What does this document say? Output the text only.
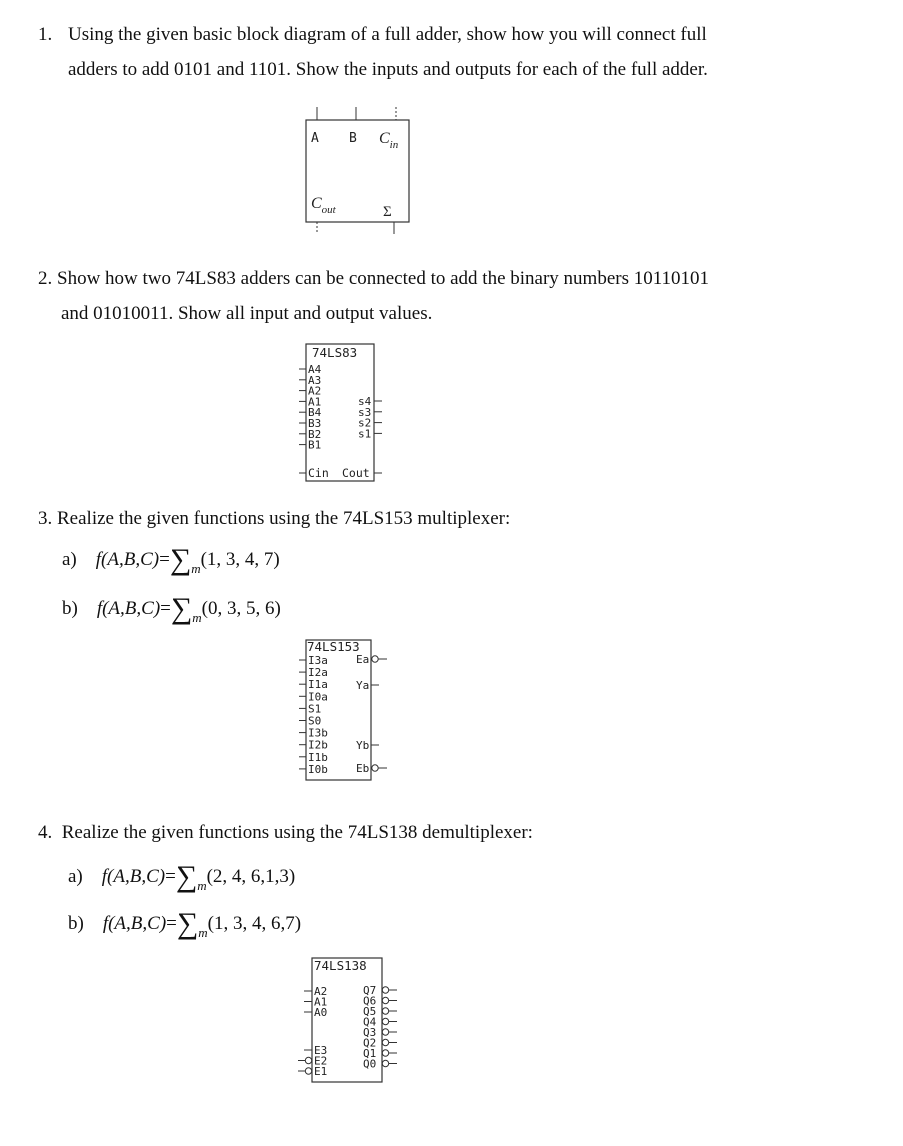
1. Using the given basic block diagram of a full adder, show how you will connect full
adders to add 0101 and 1101. Show the inputs and outputs for each of the full adder.
A B $C_{in}$
$C_{out}$	Σ
2. Show how two 74LS83 adders can be connected to add the binary numbers 10110101
and 01010011. Show all input and output values.
74LS83
A4
A3
A2
A1
B4
B3
B2
B1
s4
s3
s2
s1
Cin Cout
3. Realize the given functions using the 74LS153 multiplexer:
a) $f(A,B,C)=\sum_m(1$, 3, 4, 7)
b) $f(A,B,C)=\sum_m(0$, 3, 5, 6)
74LS153
I3a
I2a
I1a
I0a
S1
S0
I3b
I2b
I1b
I0b
Ea
Ya
Yb
Eb
4. Realize the given functions using the 74LS138 demultiplexer:
a) $f(A,B,C)=\sum_m(2$, 4, 6,1,3)
b) $f(A,B,C)=\sum_m(1$, 3, 4, 6,7)
74LS138
A2
A1
A0
E3
E2
E1
Q7
Q6
Q5
Q4
Q3
Q2
Q1
Q0
